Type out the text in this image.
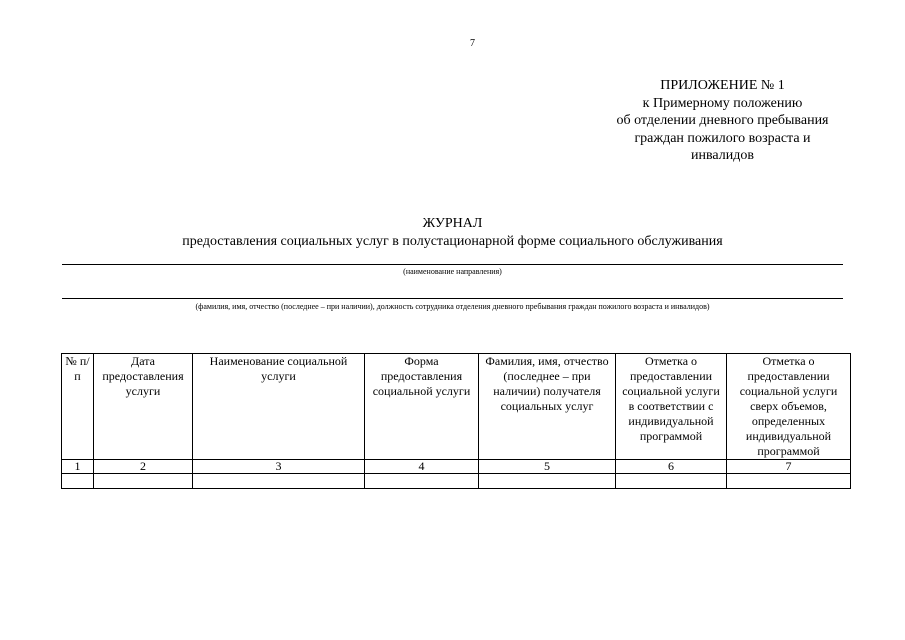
7
ПРИЛОЖЕНИЕ № 1
к Примерному положению
об отделении дневного пребывания
граждан пожилого возраста и
инвалидов
ЖУРНАЛ
предоставления социальных услуг в полустационарной форме социального обслуживания
(наименование направления)
(фамилия, имя, отчество (последнее – при наличии), должность сотрудника отделения дневного пребывания граждан пожилого возраста и инвалидов)
№ п/п	Дата предоставления услуги	Наименование социальной услуги	Форма предоставления социальной услуги	Фамилия, имя, отчество (последнее – при наличии) получателя социальных услуг	Отметка о предоставлении социальной услуги в соответствии с индивидуальной программой	Отметка о предоставлении социальной услуги сверх объемов, определенных индивидуальной программой
1	2	3	4	5	6	7
